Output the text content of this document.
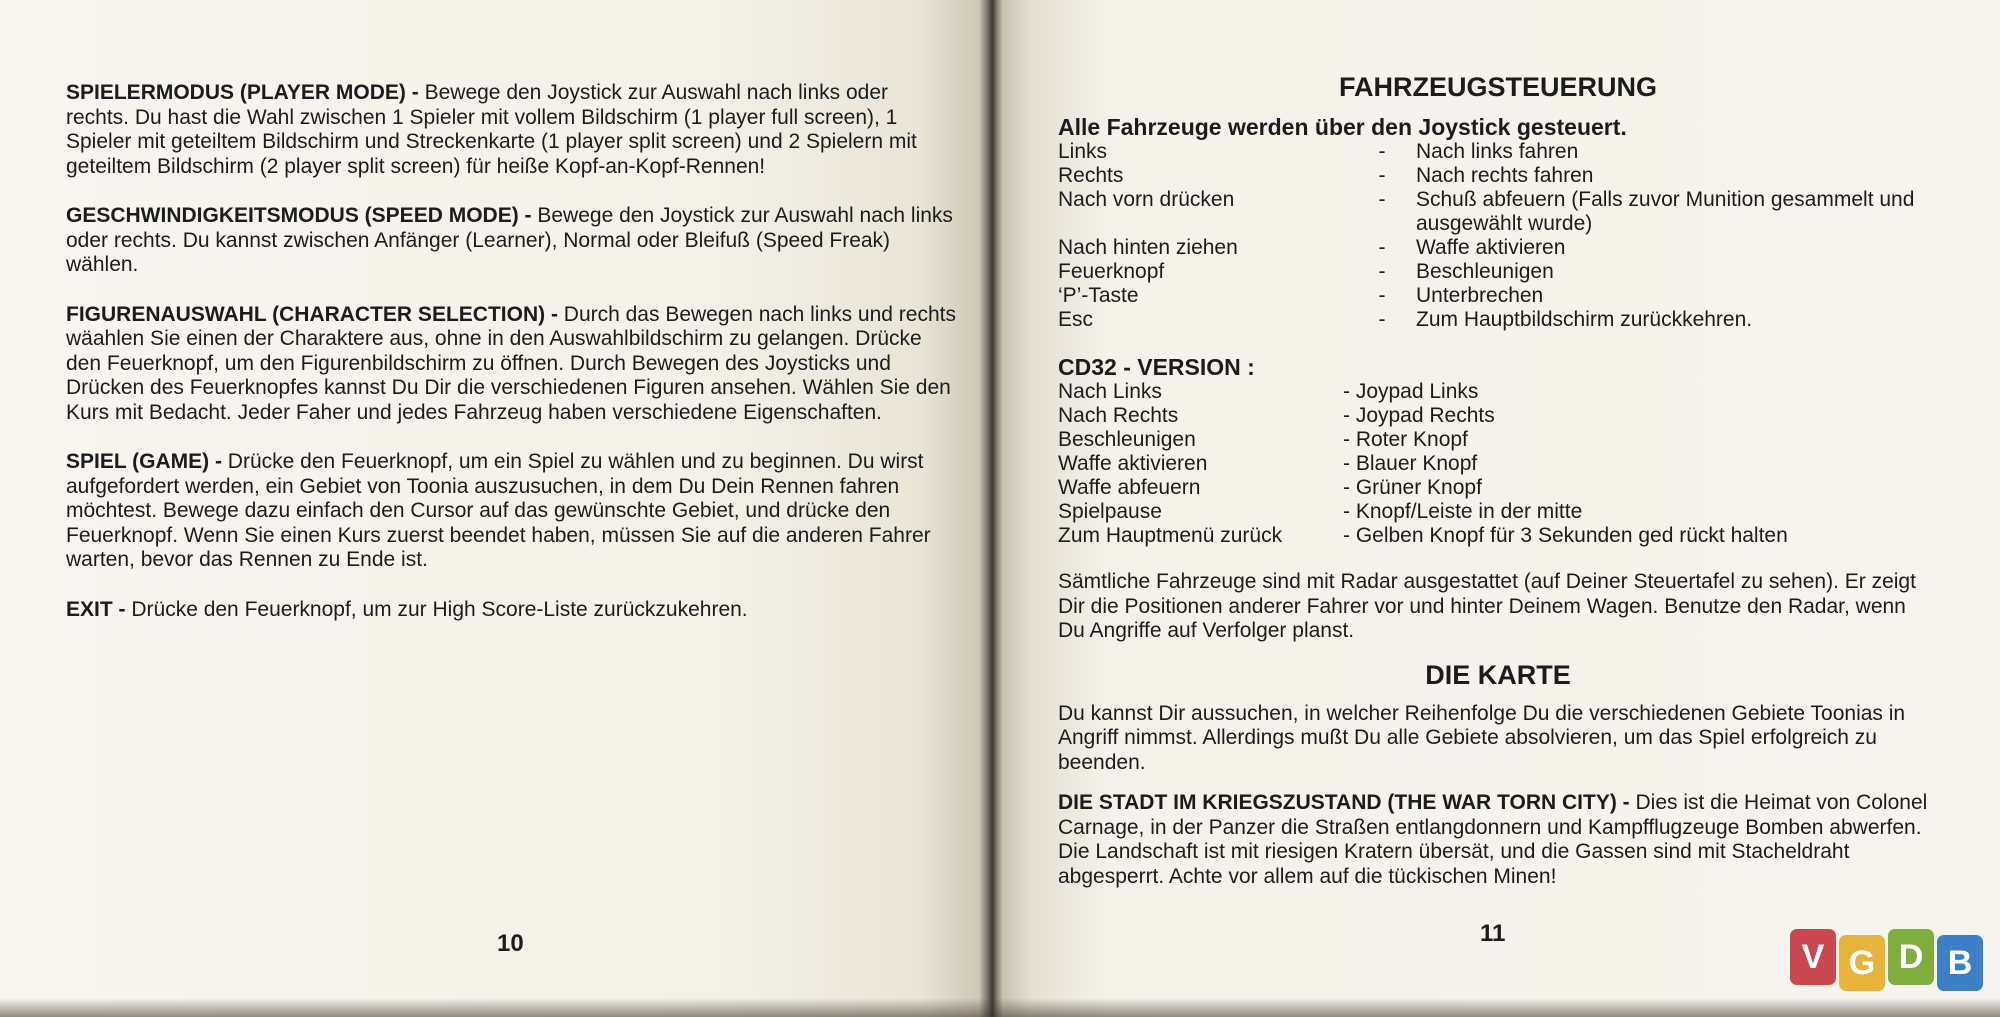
SPIELERMODUS (PLAYER MODE) - Bewege den Joystick zur Auswahl nach links oder rechts. Du hast die Wahl zwischen 1 Spieler mit vollem Bildschirm (1 player full screen), 1 Spieler mit geteiltem Bildschirm und Streckenkarte (1 player split screen) und 2 Spielern mit geteiltem Bildschirm (2 player split screen) für heiße Kopf-an-Kopf-Rennen!

GESCHWINDIGKEITSMODUS (SPEED MODE) - Bewege den Joystick zur Auswahl nach links oder rechts. Du kannst zwischen Anfänger (Learner), Normal oder Bleifuß (Speed Freak) wählen.

FIGURENAUSWAHL (CHARACTER SELECTION) - Durch das Bewegen nach links und rechts wäahlen Sie einen der Charaktere aus, ohne in den Auswahlbildschirm zu gelangen. Drücke den Feuerknopf, um den Figurenbildschirm zu öffnen. Durch Bewegen des Joysticks und Drücken des Feuerknopfes kannst Du Dir die verschiedenen Figuren ansehen. Wählen Sie den Kurs mit Bedacht. Jeder Faher und jedes Fahrzeug haben verschiedene Eigenschaften.

SPIEL (GAME) - Drücke den Feuerknopf, um ein Spiel zu wählen und zu beginnen. Du wirst aufgefordert werden, ein Gebiet von Toonia auszusuchen, in dem Du Dein Rennen fahren möchtest. Bewege dazu einfach den Cursor auf das gewünschte Gebiet, und drücke den Feuerknopf. Wenn Sie einen Kurs zuerst beendet haben, müssen Sie auf die anderen Fahrer warten, bevor das Rennen zu Ende ist.

EXIT - Drücke den Feuerknopf, um zur High Score-Liste zurückzukehren.

10
FAHRZEUGSTEUERUNG

Alle Fahrzeuge werden über den Joystick gesteuert.

Links	-	Nach links fahren
Rechts	-	Nach rechts fahren
Nach vorn drücken	-	Schuß abfeuern (Falls zuvor Munition gesammelt und ausgewählt wurde)
Nach hinten ziehen	-	Waffe aktivieren
Feuerknopf	-	Beschleunigen
‘P’-Taste	-	Unterbrechen
Esc	-	Zum Hauptbildschirm zurückkehren.

CD32 - VERSION :

Nach Links	- Joypad Links
Nach Rechts	- Joypad Rechts
Beschleunigen	- Roter Knopf
Waffe aktivieren	- Blauer Knopf
Waffe abfeuern	- Grüner Knopf
Spielpause	- Knopf/Leiste in der mitte
Zum Hauptmenü zurück	- Gelben Knopf für 3 Sekunden ged rückt halten

Sämtliche Fahrzeuge sind mit Radar ausgestattet (auf Deiner Steuertafel zu sehen). Er zeigt Dir die Positionen anderer Fahrer vor und hinter Deinem Wagen. Benutze den Radar, wenn Du Angriffe auf Verfolger planst.

DIE KARTE

Du kannst Dir aussuchen, in welcher Reihenfolge Du die verschiedenen Gebiete Toonias in Angriff nimmst. Allerdings mußt Du alle Gebiete absolvieren, um das Spiel erfolgreich zu beenden.

DIE STADT IM KRIEGSZUSTAND (THE WAR TORN CITY) - Dies ist die Heimat von Colonel Carnage, in der Panzer die Straßen entlangdonnern und Kampfflugzeuge Bomben abwerfen. Die Landschaft ist mit riesigen Kratern übersät, und die Gassen sind mit Stacheldraht abgesperrt. Achte vor allem auf die tückischen Minen!

11
V G D B
